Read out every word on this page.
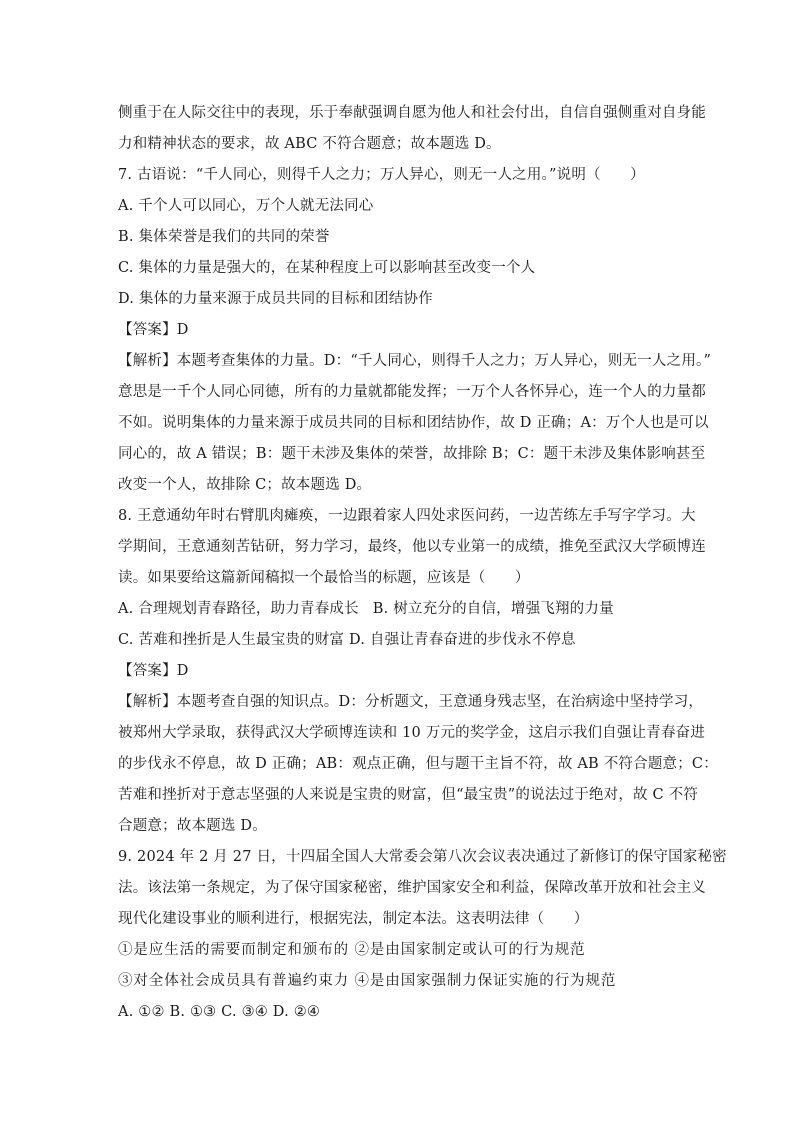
侧重于在人际交往中的表现，乐于奉献强调自愿为他人和社会付出，自信自强侧重对自身能
力和精神状态的要求，故 ABC 不符合题意；故本题选 D。
7. 古语说：“千人同心，则得千人之力；万人异心，则无一人之用。”说明（　　）
A. 千个人可以同心，万个人就无法同心
B. 集体荣誉是我们的共同的荣誉
C. 集体的力量是强大的，在某种程度上可以影响甚至改变一个人
D. 集体的力量来源于成员共同的目标和团结协作
【答案】D
【解析】本题考查集体的力量。D：“千人同心，则得千人之力；万人异心，则无一人之用。”
意思是一千个人同心同德，所有的力量就都能发挥；一万个人各怀异心，连一个人的力量都
不如。说明集体的力量来源于成员共同的目标和团结协作，故 D 正确；A：万个人也是可以
同心的，故 A 错误；B：题干未涉及集体的荣誉，故排除 B；C：题干未涉及集体影响甚至
改变一个人，故排除 C；故本题选 D。
8. 王意通幼年时右臂肌肉瘫痪，一边跟着家人四处求医问药，一边苦练左手写字学习。大
学期间，王意通刻苦钻研，努力学习，最终，他以专业第一的成绩，推免至武汉大学硕博连
读。如果要给这篇新闻稿拟一个最恰当的标题，应该是（　　）
A. 合理规划青春路径，助力青春成长 B. 树立充分的自信，增强飞翔的力量
C. 苦难和挫折是人生最宝贵的财富 D. 自强让青春奋进的步伐永不停息
【答案】D
【解析】本题考查自强的知识点。D：分析题文，王意通身残志坚，在治病途中坚持学习，
被郑州大学录取，获得武汉大学硕博连读和 10 万元的奖学金，这启示我们自强让青春奋进
的步伐永不停息，故 D 正确；AB：观点正确，但与题干主旨不符，故 AB 不符合题意；C：
苦难和挫折对于意志坚强的人来说是宝贵的财富，但“最宝贵”的说法过于绝对，故 C 不符
合题意；故本题选 D。
9. 2024 年 2 月 27 日，十四届全国人大常委会第八次会议表决通过了新修订的保守国家秘密
法。该法第一条规定，为了保守国家秘密，维护国家安全和利益，保障改革开放和社会主义
现代化建设事业的顺利进行，根据宪法，制定本法。这表明法律（　　）
①是应生活的需要而制定和颁布的 ②是由国家制定或认可的行为规范
③对全体社会成员具有普遍约束力 ④是由国家强制力保证实施的行为规范
A. ①② B. ①③ C. ③④ D. ②④
